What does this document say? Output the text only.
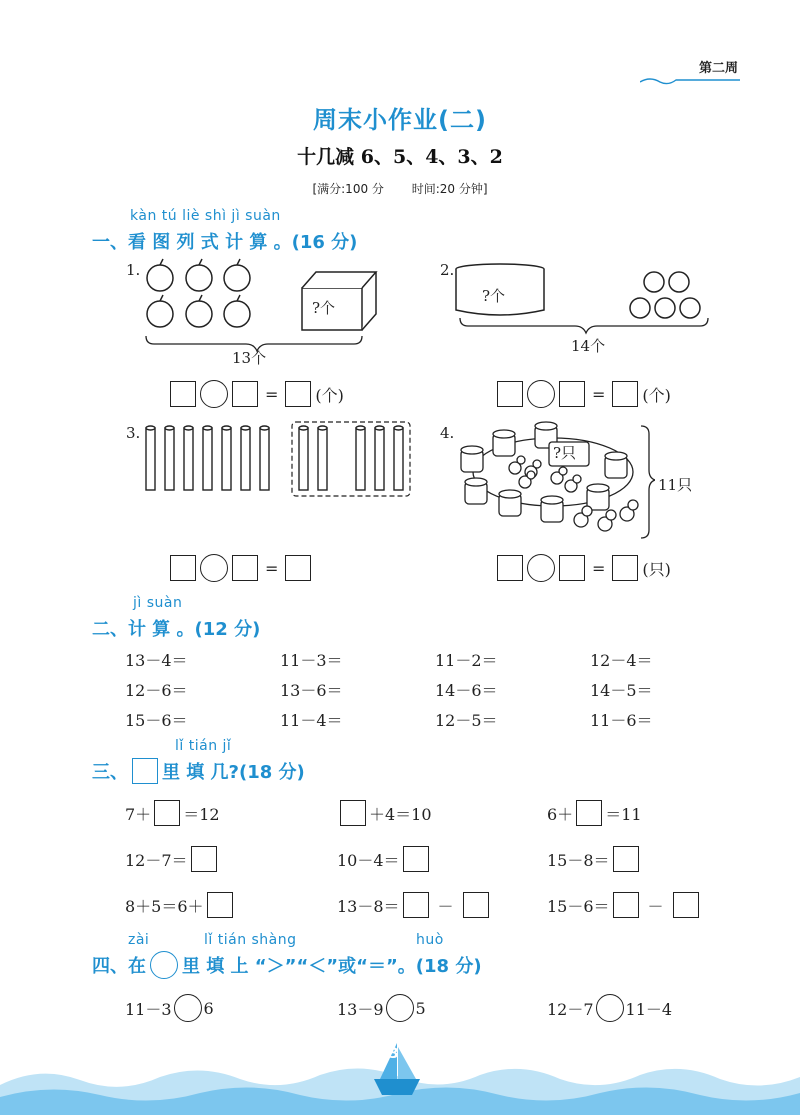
第二周
周末小作业(二)
十几减 6、5、4、3、2
[满分:100 分 时间:20 分钟]
kàn tú liè shì jì suàn
一、看 图 列 式 计 算 。(16 分)
1.
?个
13个
= (个)
2.
?个
14个
= (个)
3.
=
4.
?只
11只
= (只)
jì suàn
二、计 算 。(12 分)
13－4＝	11－3＝	11－2＝	12－4＝
12－6＝	13－6＝	14－6＝	14－5＝
15－6＝	11－4＝	12－5＝	11－6＝
lǐ tián jǐ
三、 里 填 几?(18 分)
7＋ ＝12	＋4＝10	6＋ ＝11
12－7＝	10－4＝	15－8＝
8＋5＝6＋	13－8＝ －	15－6＝ －
zài	lǐ tián shàng	huò
四、在 里 填 上 “＞”“＜”或“＝”。(18 分)
11－3 6	13－9 5	12－7 11－4
3
